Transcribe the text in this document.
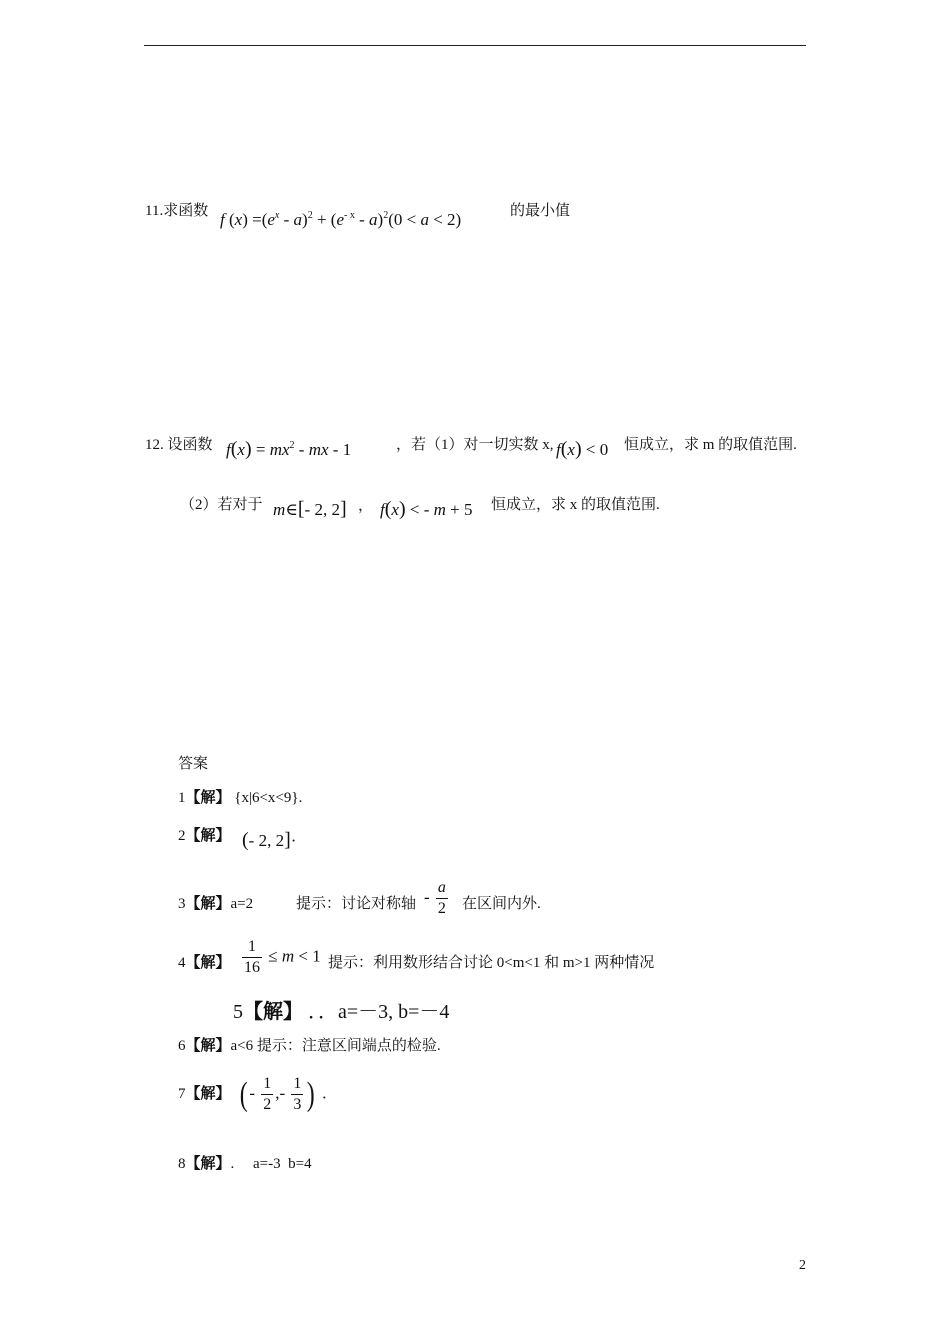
11.求函数 f $(x) =(e^x - a)^2 + (e^{- x} - a)^2(0 < a < 2)$	的最小值
12. 设函数 $f(x) = mx^2$ - mx - 1	，若（1）对一切实数 x, f(x) < 0 恒成立，求 m 的取值范围.
（2）若对于 m∈[- 2, 2] ， f(x) < - m + 5 恒成立，求 x 的取值范围.
答案
1【解】 {x|6<x<9}.
2【解】 (- 2, 2]·
3【解】a=2	提示：讨论对称轴 - $\frac{a}{2}$ 在区间内外.
4【解】 $\frac{1}{16} \le m < 1$ 提示：利用数形结合讨论 0<m<1 和 m>1 两种情况
5【解】 ．．a=－3, b=－4
6【解】a<6 提示：注意区间端点的检验.
7【解】 (- $\frac{1}{2}$ ,- $\frac{1}{3}$ ) ．
8【解】.     a=-3  b=4
2
